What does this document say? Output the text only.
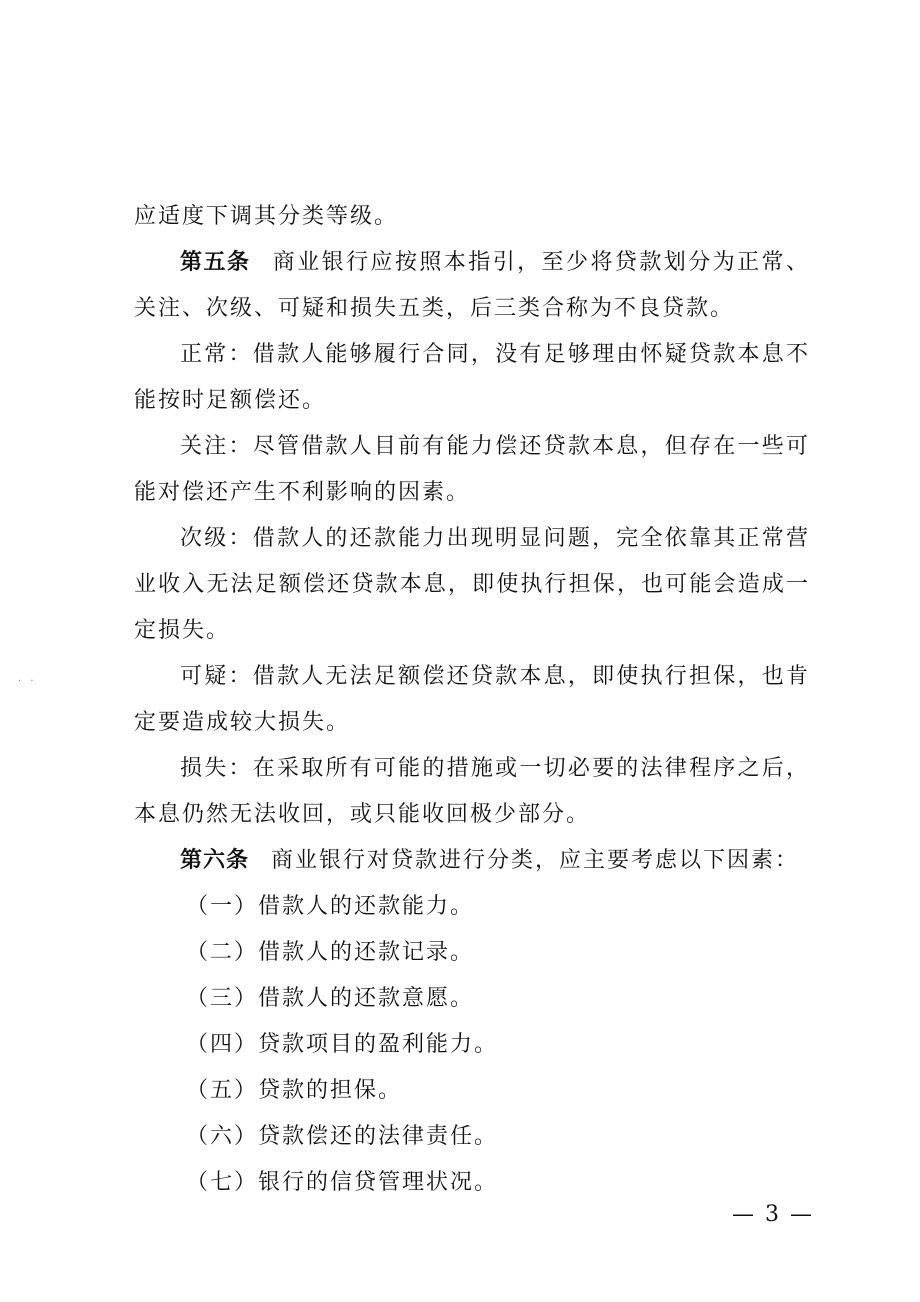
应适度下调其分类等级。

第五条 商业银行应按照本指引，至少将贷款划分为正常、关注、次级、可疑和损失五类，后三类合称为不良贷款。

正常：借款人能够履行合同，没有足够理由怀疑贷款本息不能按时足额偿还。

关注：尽管借款人目前有能力偿还贷款本息，但存在一些可能对偿还产生不利影响的因素。

次级：借款人的还款能力出现明显问题，完全依靠其正常营业收入无法足额偿还贷款本息，即使执行担保，也可能会造成一定损失。

可疑：借款人无法足额偿还贷款本息，即使执行担保，也肯定要造成较大损失。

损失：在采取所有可能的措施或一切必要的法律程序之后，本息仍然无法收回，或只能收回极少部分。

第六条 商业银行对贷款进行分类，应主要考虑以下因素：

（一）借款人的还款能力。

（二）借款人的还款记录。

（三）借款人的还款意愿。

（四）贷款项目的盈利能力。

（五）贷款的担保。

（六）贷款偿还的法律责任。

（七）银行的信贷管理状况。

— 3 —
· ·
